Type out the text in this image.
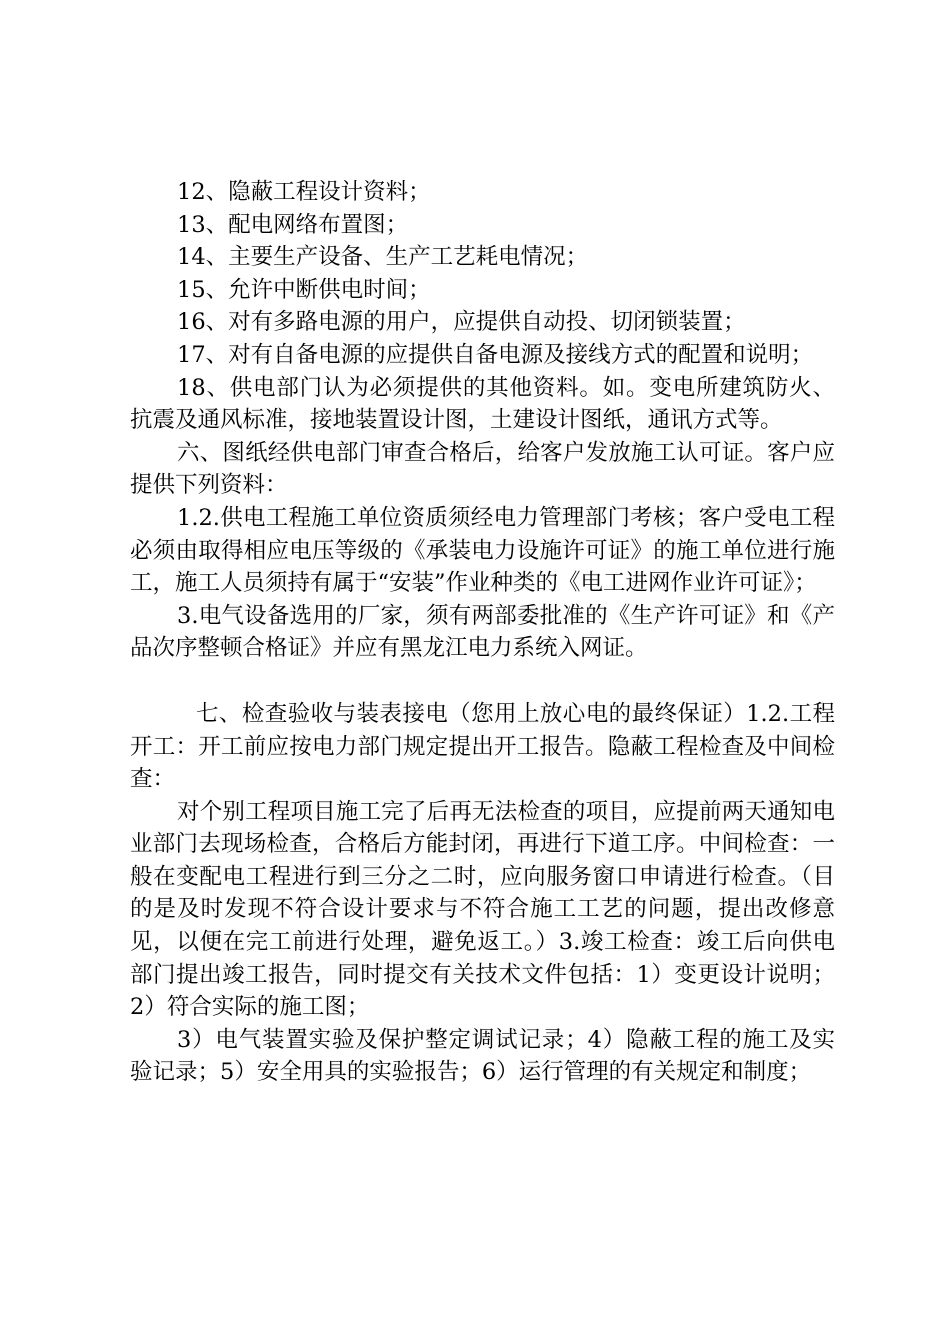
12、隐蔽工程设计资料；

13、配电网络布置图；

14、主要生产设备、生产工艺耗电情况；

15、允许中断供电时间；

16、对有多路电源的用户，应提供自动投、切闭锁装置；

17、对有自备电源的应提供自备电源及接线方式的配置和说明；

18、供电部门认为必须提供的其他资料。如。变电所建筑防火、抗震及通风标准，接地装置设计图，土建设计图纸，通讯方式等。

六、图纸经供电部门审查合格后，给客户发放施工认可证。客户应提供下列资料：

1.2.供电工程施工单位资质须经电力管理部门考核；客户受电工程必须由取得相应电压等级的《承装电力设施许可证》的施工单位进行施工，施工人员须持有属于“安装”作业种类的《电工进网作业许可证》；

3.电气设备选用的厂家，须有两部委批准的《生产许可证》和《产品次序整顿合格证》并应有黑龙江电力系统入网证。

七、检查验收与装表接电（您用上放心电的最终保证）1.2.工程开工：开工前应按电力部门规定提出开工报告。隐蔽工程检查及中间检查：

对个别工程项目施工完了后再无法检查的项目，应提前两天通知电业部门去现场检查，合格后方能封闭，再进行下道工序。中间检查：一般在变配电工程进行到三分之二时，应向服务窗口申请进行检查。（目的是及时发现不符合设计要求与不符合施工工艺的问题，提出改修意见，以便在完工前进行处理，避免返工。）3.竣工检查：竣工后向供电部门提出竣工报告，同时提交有关技术文件包括：1）变更设计说明；2）符合实际的施工图；

3）电气装置实验及保护整定调试记录；4）隐蔽工程的施工及实验记录；5）安全用具的实验报告；6）运行管理的有关规定和制度；
